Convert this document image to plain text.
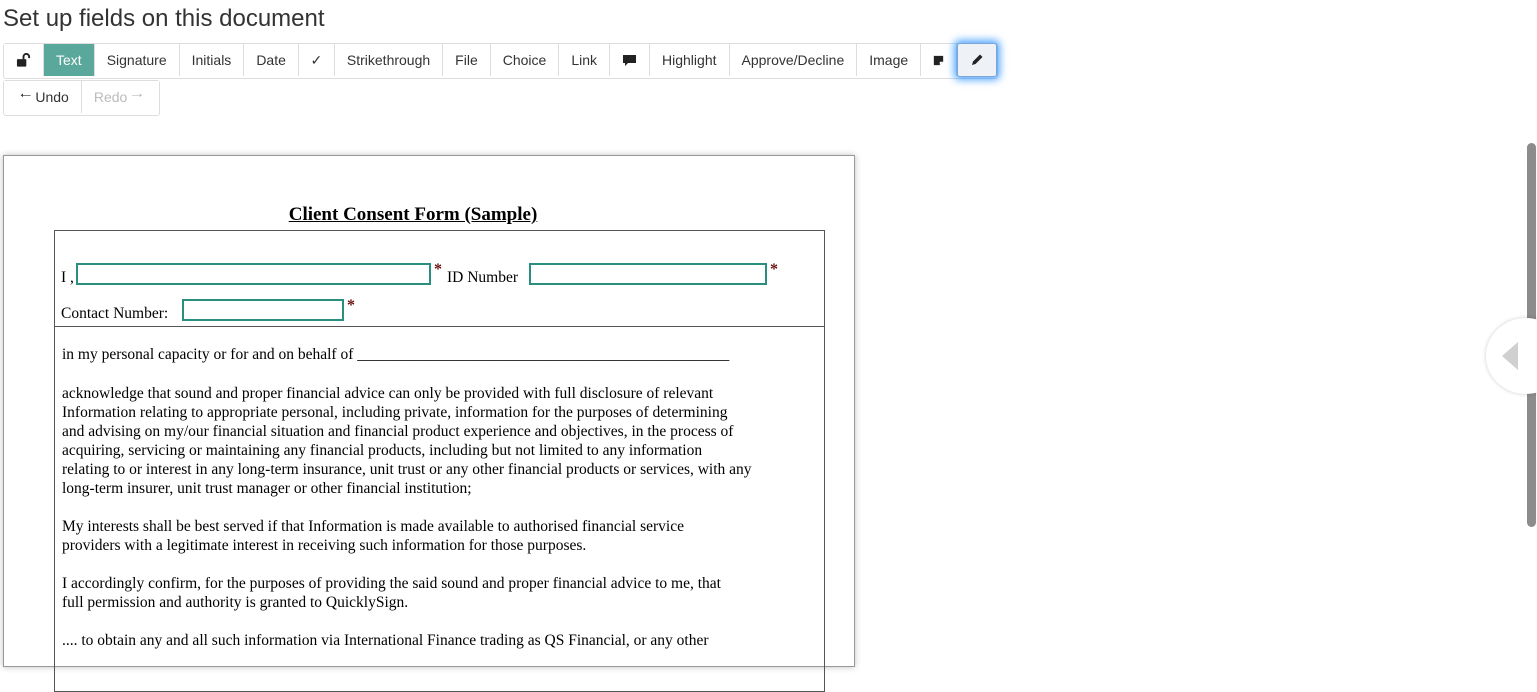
Set up fields on this document
Text	Signature	Initials	Date	✓	Strikethrough	File	Choice	Link	Highlight	Approve/Decline	Image
🠀 Undo Redo 🠂
Client Consent Form (Sample)
I ,	* ID Number	*
Contact Number:	*
in my personal capacity or for and on behalf of ________________________________________________
acknowledge that sound and proper financial advice can only be provided with full disclosure of relevant
Information relating to appropriate personal, including private, information for the purposes of determining
and advising on my/our financial situation and financial product experience and objectives, in the process of
acquiring, servicing or maintaining any financial products, including but not limited to any information
relating to or interest in any long-term insurance, unit trust or any other financial products or services, with any
long-term insurer, unit trust manager or other financial institution;
My interests shall be best served if that Information is made available to authorised financial service
providers with a legitimate interest in receiving such information for those purposes.
I accordingly confirm, for the purposes of providing the said sound and proper financial advice to me, that
full permission and authority is granted to QuicklySign.
.... to obtain any and all such information via International Finance trading as QS Financial, or any other
